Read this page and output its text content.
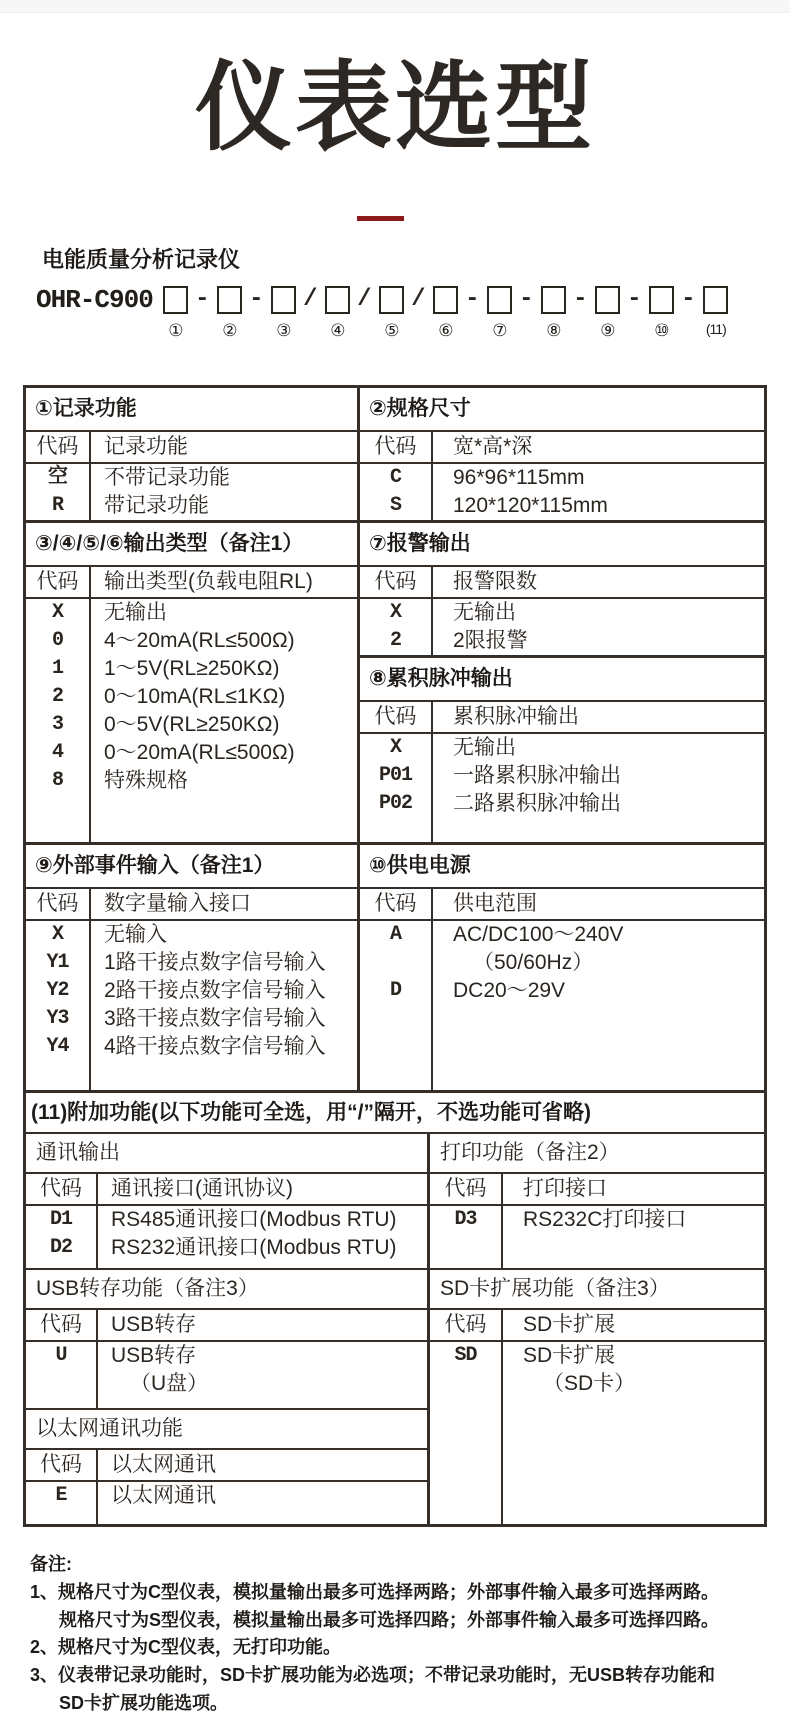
仪表选型
电能质量分析记录仪
OHR-C900	-
①
-
②
/
③
/
④
/
⑤
-
⑥
-
⑦
-
⑧
-
⑨
-
⑩	(11)
①记录功能
代码
空
R
记录功能
不带记录功能
带记录功能
②规格尺寸
代码
C
S
宽*高*深
96*96*115mm
120*120*115mm
③/④/⑤/⑥输出类型（备注1）
代码
X
0
1
2
3
4
8
输出类型(负载电阻RL)
无输出
4～20mA(RL≤500Ω)
1～5V(RL≥250KΩ)
0～10mA(RL≤1KΩ)
0～5V(RL≥250KΩ)
0～20mA(RL≤500Ω)
特殊规格
⑦报警输出
代码
X
2
报警限数
无输出
2限报警
⑧累积脉冲输出
代码
X
P01
P02
累积脉冲输出
无输出
一路累积脉冲输出
二路累积脉冲输出
⑨外部事件输入（备注1）
代码
X
Y1
Y2
Y3
Y4
数字量输入接口
无输入
1路干接点数字信号输入
2路干接点数字信号输入
3路干接点数字信号输入
4路干接点数字信号输入
⑩供电电源
代码
A
D
供电范围
AC/DC100～240V
（50/60Hz）
DC20～29V
(11)附加功能(以下功能可全选，用“/”隔开，不选功能可省略)
通讯输出
代码
D1
D2
通讯接口(通讯协议)
RS485通讯接口(Modbus RTU)
RS232通讯接口(Modbus RTU)
USB转存功能（备注3）
代码
U
USB转存
USB转存
（U盘）
以太网通讯功能
代码
E
以太网通讯
以太网通讯
打印功能（备注2）
代码
D3
打印接口
RS232C打印接口
SD卡扩展功能（备注3）
代码
SD
SD卡扩展
SD卡扩展
（SD卡）
备注:
1、规格尺寸为C型仪表，模拟量输出最多可选择两路；外部事件输入最多可选择两路。
规格尺寸为S型仪表，模拟量输出最多可选择四路；外部事件输入最多可选择四路。
2、规格尺寸为C型仪表，无打印功能。
3、仪表带记录功能时，SD卡扩展功能为必选项；不带记录功能时，无USB转存功能和
SD卡扩展功能选项。
